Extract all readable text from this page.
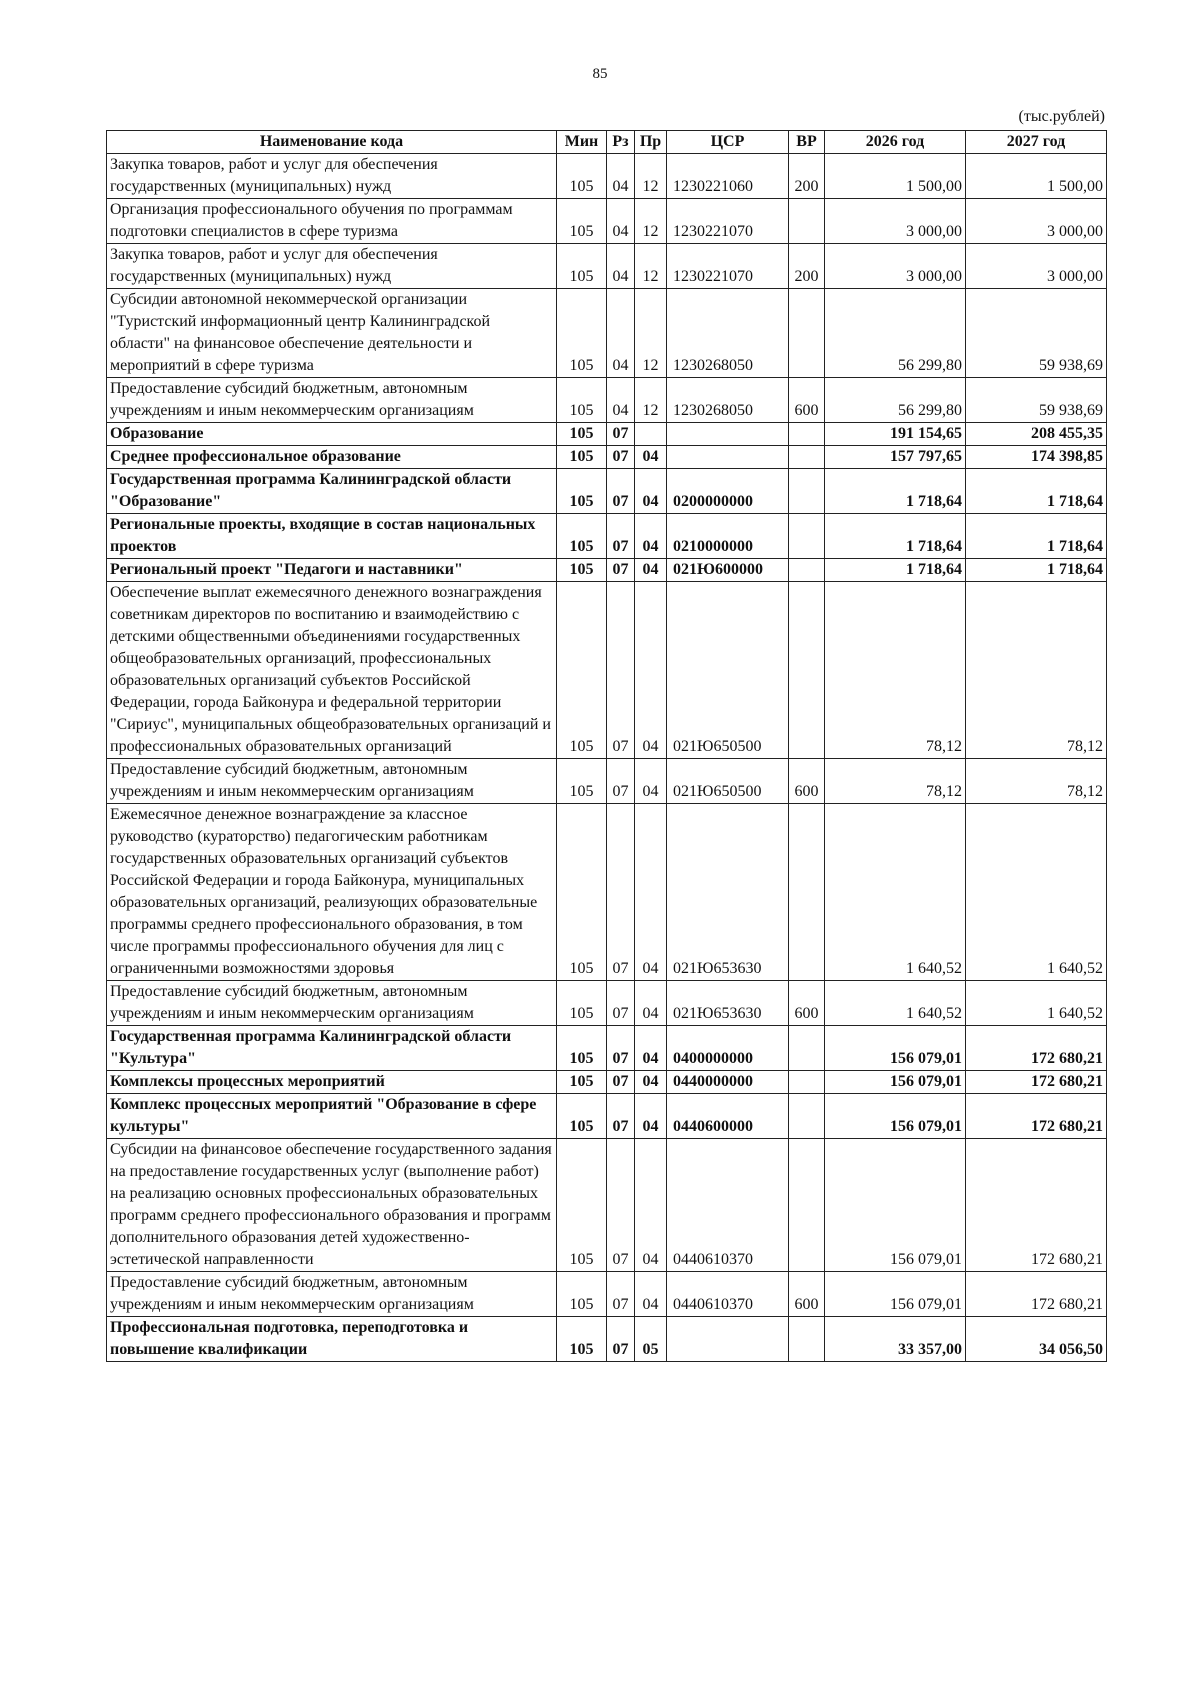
85
(тыс.рублей)
Наименование кода	Мин	Рз	Пр	ЦСР	ВР	2026 год	2027 год
Закупка товаров, работ и услуг для обеспечения государственных (муниципальных) нужд	105	04	12	1230221060	200	1 500,00	1 500,00
Организация профессионального обучения по программам подготовки специалистов в сфере туризма	105	04	12	1230221070		3 000,00	3 000,00
Закупка товаров, работ и услуг для обеспечения государственных (муниципальных) нужд	105	04	12	1230221070	200	3 000,00	3 000,00
Субсидии автономной некоммерческой организации "Туристский информационный центр Калининградской области" на финансовое обеспечение деятельности и мероприятий в сфере туризма	105	04	12	1230268050		56 299,80	59 938,69
Предоставление субсидий бюджетным, автономным учреждениям и иным некоммерческим организациям	105	04	12	1230268050	600	56 299,80	59 938,69
Образование	105	07				191 154,65	208 455,35
Среднее профессиональное образование	105	07	04			157 797,65	174 398,85
Государственная программа Калининградской области "Образование"	105	07	04	0200000000		1 718,64	1 718,64
Региональные проекты, входящие в состав национальных проектов	105	07	04	0210000000		1 718,64	1 718,64
Региональный проект "Педагоги и наставники"	105	07	04	021Ю600000		1 718,64	1 718,64
Обеспечение выплат ежемесячного денежного вознаграждения советникам директоров по воспитанию и взаимодействию с детскими общественными объединениями государственных общеобразовательных организаций, профессиональных образовательных организаций субъектов Российской Федерации, города Байконура и федеральной территории "Сириус", муниципальных общеобразовательных организаций и профессиональных образовательных организаций	105	07	04	021Ю650500		78,12	78,12
Предоставление субсидий бюджетным, автономным учреждениям и иным некоммерческим организациям	105	07	04	021Ю650500	600	78,12	78,12
Ежемесячное денежное вознаграждение за классное руководство (кураторство) педагогическим работникам государственных образовательных организаций субъектов Российской Федерации и города Байконура, муниципальных образовательных организаций, реализующих образовательные программы среднего профессионального образования, в том числе программы профессионального обучения для лиц с ограниченными возможностями здоровья	105	07	04	021Ю653630		1 640,52	1 640,52
Предоставление субсидий бюджетным, автономным учреждениям и иным некоммерческим организациям	105	07	04	021Ю653630	600	1 640,52	1 640,52
Государственная программа Калининградской области "Культура"	105	07	04	0400000000		156 079,01	172 680,21
Комплексы процессных мероприятий	105	07	04	0440000000		156 079,01	172 680,21
Комплекс процессных мероприятий "Образование в сфере культуры"	105	07	04	0440600000		156 079,01	172 680,21
Субсидии на финансовое обеспечение государственного задания на предоставление государственных услуг (выполнение работ) на реализацию основных профессиональных образовательных программ среднего профессионального образования и программ дополнительного образования детей художественно-эстетической направленности	105	07	04	0440610370		156 079,01	172 680,21
Предоставление субсидий бюджетным, автономным учреждениям и иным некоммерческим организациям	105	07	04	0440610370	600	156 079,01	172 680,21
Профессиональная подготовка, переподготовка и повышение квалификации	105	07	05			33 357,00	34 056,50
